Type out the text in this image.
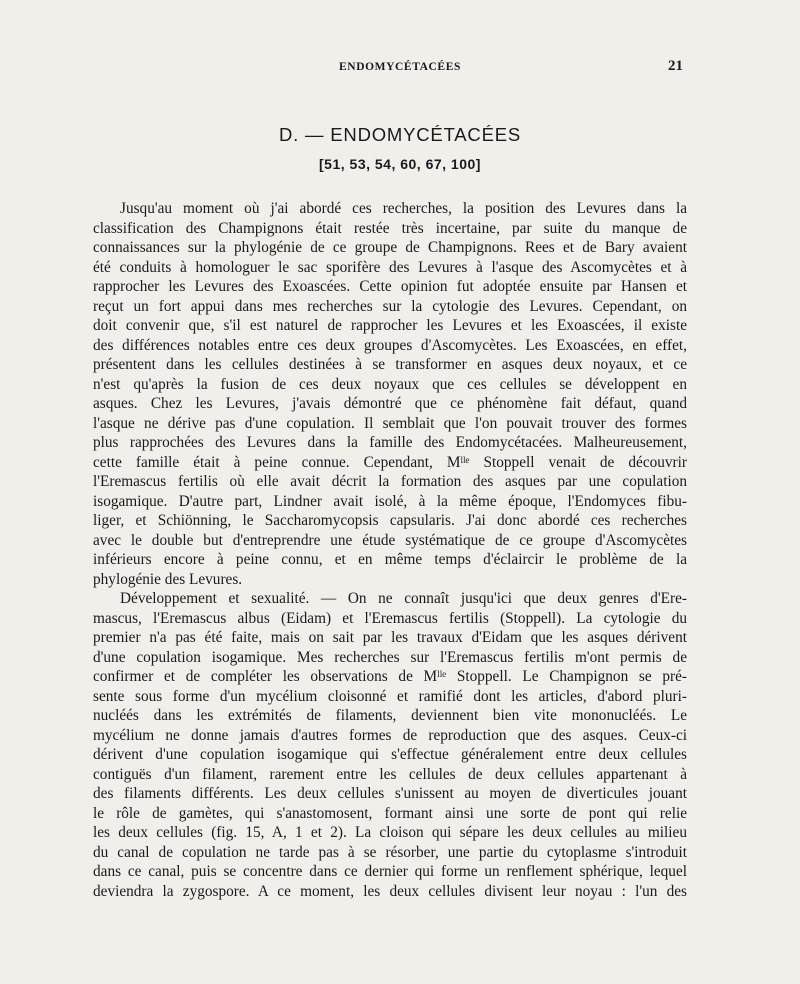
ENDOMYCÉTACÉES	21
D. — ENDOMYCÉTACÉES
[51, 53, 54, 60, 67, 100]
Jusqu'au moment où j'ai abordé ces recherches, la position des Levures dans la
classification des Champignons était restée très incertaine, par suite du manque de
connaissances sur la phylogénie de ce groupe de Champignons. Rees et de Bary avaient
été conduits à homologuer le sac sporifère des Levures à l'asque des Ascomycètes et à
rapprocher les Levures des Exoascées. Cette opinion fut adoptée ensuite par Hansen et
reçut un fort appui dans mes recherches sur la cytologie des Levures. Cependant, on
doit convenir que, s'il est naturel de rapprocher les Levures et les Exoascées, il existe
des différences notables entre ces deux groupes d'Ascomycètes. Les Exoascées, en effet,
présentent dans les cellules destinées à se transformer en asques deux noyaux, et ce
n'est qu'après la fusion de ces deux noyaux que ces cellules se développent en
asques. Chez les Levures, j'avais démontré que ce phénomène fait défaut, quand
l'asque ne dérive pas d'une copulation. Il semblait que l'on pouvait trouver des formes
plus rapprochées des Levures dans la famille des Endomycétacées. Malheureusement,
cette famille était à peine connue. Cependant, Mˡˡᵉ Stoppell venait de découvrir
l'Eremascus fertilis où elle avait décrit la formation des asques par une copulation
isogamique. D'autre part, Lindner avait isolé, à la même époque, l'Endomyces fibu-
liger, et Schiönning, le Saccharomycopsis capsularis. J'ai donc abordé ces recherches
avec le double but d'entreprendre une étude systématique de ce groupe d'Ascomycètes
inférieurs encore à peine connu, et en même temps d'éclaircir le problème de la
phylogénie des Levures.
Développement et sexualité. — On ne connaît jusqu'ici que deux genres d'Ere-
mascus, l'Eremascus albus (Eidam) et l'Eremascus fertilis (Stoppell). La cytologie du
premier n'a pas été faite, mais on sait par les travaux d'Eidam que les asques dérivent
d'une copulation isogamique. Mes recherches sur l'Eremascus fertilis m'ont permis de
confirmer et de compléter les observations de Mˡˡᵉ Stoppell. Le Champignon se pré-
sente sous forme d'un mycélium cloisonné et ramifié dont les articles, d'abord pluri-
nucléés dans les extrémités de filaments, deviennent bien vite mononucléés. Le
mycélium ne donne jamais d'autres formes de reproduction que des asques. Ceux-ci
dérivent d'une copulation isogamique qui s'effectue généralement entre deux cellules
contiguës d'un filament, rarement entre les cellules de deux cellules appartenant à
des filaments différents. Les deux cellules s'unissent au moyen de diverticules jouant
le rôle de gamètes, qui s'anastomosent, formant ainsi une sorte de pont qui relie
les deux cellules (fig. 15, A, 1 et 2). La cloison qui sépare les deux cellules au milieu
du canal de copulation ne tarde pas à se résorber, une partie du cytoplasme s'introduit
dans ce canal, puis se concentre dans ce dernier qui forme un renflement sphérique, lequel
deviendra la zygospore. A ce moment, les deux cellules divisent leur noyau : l'un des
